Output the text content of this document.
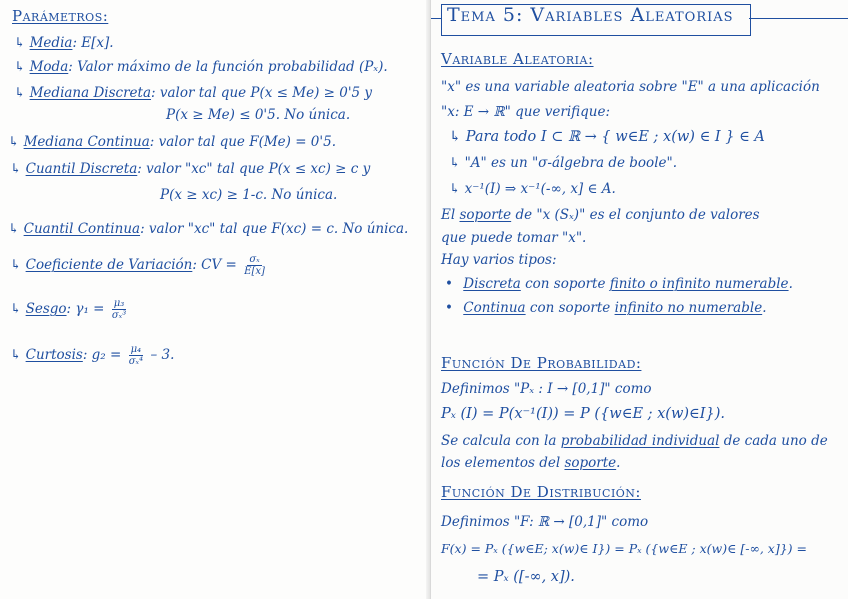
Parámetros:
↳ Media: E[x].
↳ Moda: Valor máximo de la función probabilidad (Pₓ).
↳ Mediana Discreta: valor tal que P(x ≤ Me) ≥ 0'5 y
P(x ≥ Me) ≤ 0'5. No única.
↳ Mediana Continua: valor tal que F(Me) = 0'5.
↳ Cuantil Discreta: valor "xc" tal que P(x ≤ xc) ≥ c y
P(x ≥ xc) ≥ 1-c. No única.
↳ Cuantil Continua: valor "xc" tal que F(xc) = c. No única.
↳ Coeficiente de Variación: CV = $\frac{\text{σₓ}}{E[x]}$
↳ Sesgo: $\gamma_1 = \frac{\text{μ₃}}{\text{σₓ³}}$
↳ Curtosis: $g_2 = \frac{\text{μ₄}}{\text{σₓ⁴}} - 3$.
Tema 5: Variables Aleatorias
Variable Aleatoria:
"x" es una variable aleatoria sobre "E" a una aplicación
"x: E → ℝ" que verifique:
↳ Para todo I ⊂ ℝ → { w∈E ; x(w) ∈ I } ∈ A
↳ "A" es un "σ-álgebra de boole".
↳ x⁻¹(I) ⇒ x⁻¹(-∞, x] ∈ A.
El soporte de "x (Sₓ)" es el conjunto de valores
que puede tomar "x".
Hay varios tipos:
• Discreta con soporte finito o infinito numerable.
• Continua con soporte infinito no numerable.
Función De Probabilidad:
Definimos "Pₓ : I → [0,1]" como
Pₓ (I) = P(x⁻¹(I)) = P ({w∈E ; x(w)∈I}).
Se calcula con la probabilidad individual de cada uno de
los elementos del soporte.
Función De Distribución:
Definimos "F: ℝ → [0,1]" como
F(x) = Pₓ ({w∈E; x(w)∈ I}) = Pₓ ({w∈E ; x(w)∈ [-∞, x]}) =
= Pₓ ([-∞, x]).
